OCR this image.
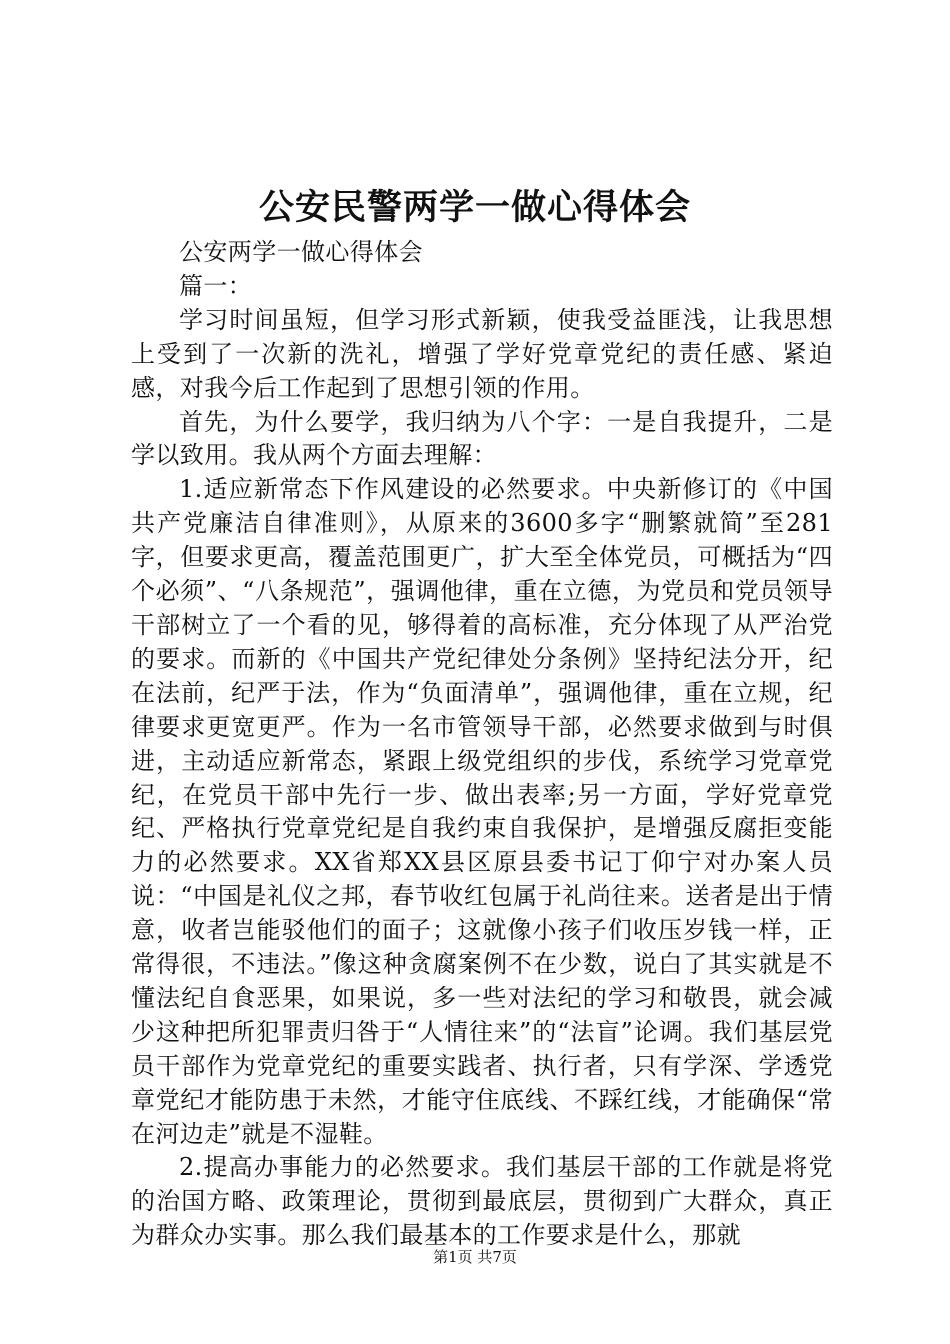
公安民警两学一做心得体会

公安两学一做心得体会

篇一：

学习时间虽短，但学习形式新颖，使我受益匪浅，让我思想上受到了一次新的洗礼，增强了学好党章党纪的责任感、紧迫感，对我今后工作起到了思想引领的作用。

首先，为什么要学，我归纳为八个字：一是自我提升，二是学以致用。我从两个方面去理解：

1.适应新常态下作风建设的必然要求。中央新修订的《中国共产党廉洁自律准则》，从原来的3600多字“删繁就简”至281字，但要求更高，覆盖范围更广，扩大至全体党员，可概括为“四个必须”、“八条规范”，强调他律，重在立德，为党员和党员领导干部树立了一个看的见，够得着的高标准，充分体现了从严治党的要求。而新的《中国共产党纪律处分条例》坚持纪法分开，纪在法前，纪严于法，作为“负面清单”，强调他律，重在立规，纪律要求更宽更严。作为一名市管领导干部，必然要求做到与时俱进，主动适应新常态，紧跟上级党组织的步伐，系统学习党章党纪，在党员干部中先行一步、做出表率;另一方面，学好党章党纪、严格执行党章党纪是自我约束自我保护，是增强反腐拒变能力的必然要求。XX省郑XX县区原县委书记丁仰宁对办案人员说：“中国是礼仪之邦，春节收红包属于礼尚往来。送者是出于情意，收者岂能驳他们的面子；这就像小孩子们收压岁钱一样，正常得很，不违法。”像这种贪腐案例不在少数，说白了其实就是不懂法纪自食恶果，如果说，多一些对法纪的学习和敬畏，就会减少这种把所犯罪责归咎于“人情往来”的“法盲”论调。我们基层党员干部作为党章党纪的重要实践者、执行者，只有学深、学透党章党纪才能防患于未然，才能守住底线、不踩红线，才能确保“常在河边走”就是不湿鞋。

2.提高办事能力的必然要求。我们基层干部的工作就是将党的治国方略、政策理论，贯彻到最底层，贯彻到广大群众，真正为群众办实事。那么我们最基本的工作要求是什么，那就

第1页 共7页
